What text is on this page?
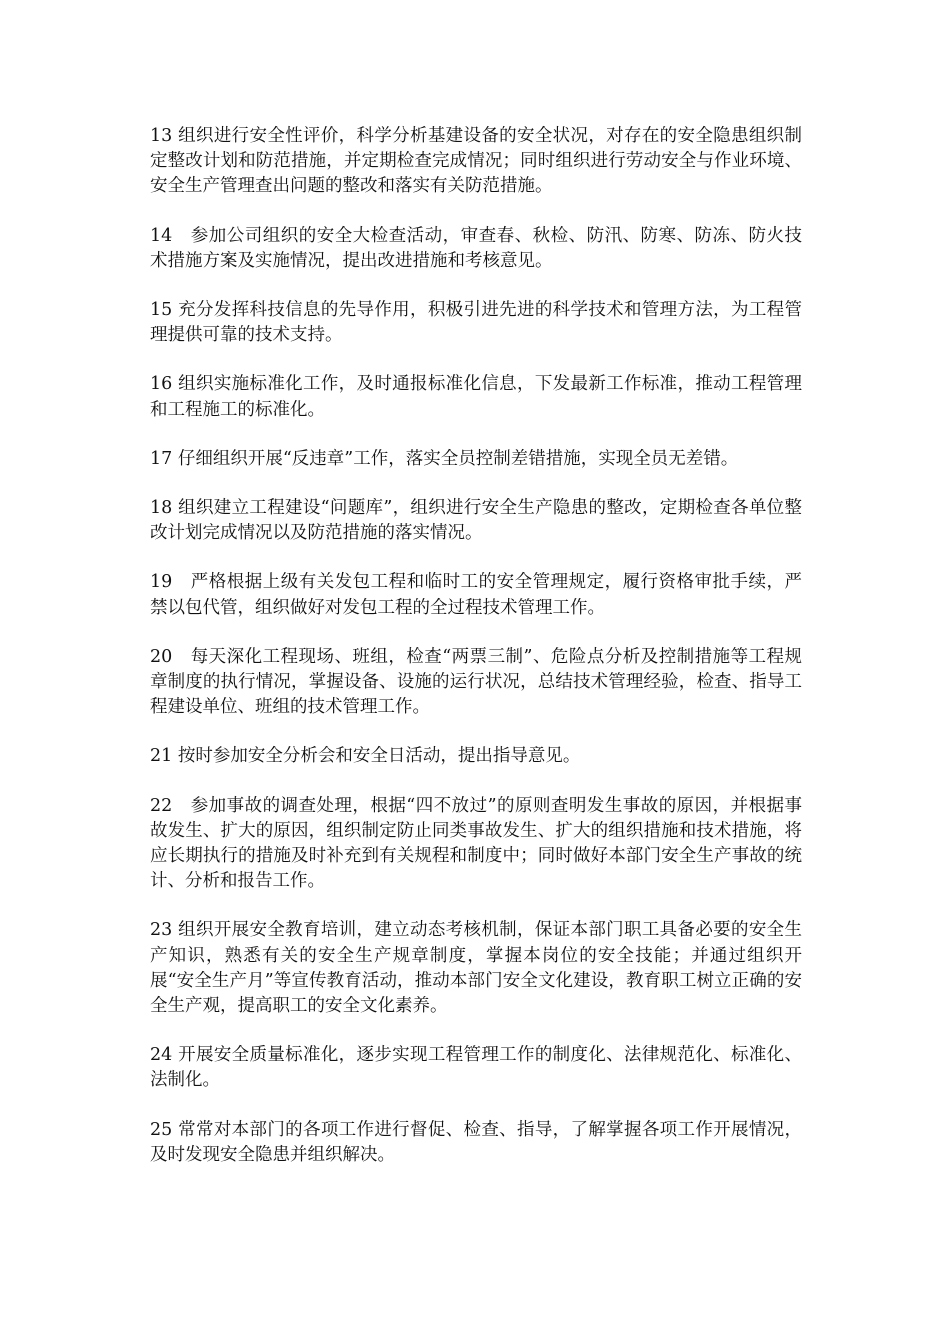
13 组织进行安全性评价，科学分析基建设备的安全状况，对存在的安全隐患组织制定整改计划和防范措施，并定期检查完成情况；同时组织进行劳动安全与作业环境、安全生产管理查出问题的整改和落实有关防范措施。

14　参加公司组织的安全大检查活动，审查春、秋检、防汛、防寒、防冻、防火技术措施方案及实施情况，提出改进措施和考核意见。

15 充分发挥科技信息的先导作用，积极引进先进的科学技术和管理方法，为工程管理提供可靠的技术支持。

16 组织实施标准化工作，及时通报标准化信息，下发最新工作标准，推动工程管理和工程施工的标准化。

17 仔细组织开展“反违章”工作，落实全员控制差错措施，实现全员无差错。

18 组织建立工程建设“问题库”，组织进行安全生产隐患的整改，定期检查各单位整改计划完成情况以及防范措施的落实情况。

19　严格根据上级有关发包工程和临时工的安全管理规定，履行资格审批手续，严禁以包代管，组织做好对发包工程的全过程技术管理工作。

20　每天深化工程现场、班组，检查“两票三制”、危险点分析及控制措施等工程规章制度的执行情况，掌握设备、设施的运行状况，总结技术管理经验，检查、指导工程建设单位、班组的技术管理工作。

21 按时参加安全分析会和安全日活动，提出指导意见。

22　参加事故的调查处理，根据“四不放过”的原则查明发生事故的原因，并根据事故发生、扩大的原因，组织制定防止同类事故发生、扩大的组织措施和技术措施，将应长期执行的措施及时补充到有关规程和制度中；同时做好本部门安全生产事故的统计、分析和报告工作。

23 组织开展安全教育培训，建立动态考核机制，保证本部门职工具备必要的安全生产知识，熟悉有关的安全生产规章制度，掌握本岗位的安全技能；并通过组织开展“安全生产月”等宣传教育活动，推动本部门安全文化建设，教育职工树立正确的安全生产观，提高职工的安全文化素养。

24 开展安全质量标准化，逐步实现工程管理工作的制度化、法律规范化、标准化、法制化。

25 常常对本部门的各项工作进行督促、检查、指导，了解掌握各项工作开展情况，及时发现安全隐患并组织解决。
